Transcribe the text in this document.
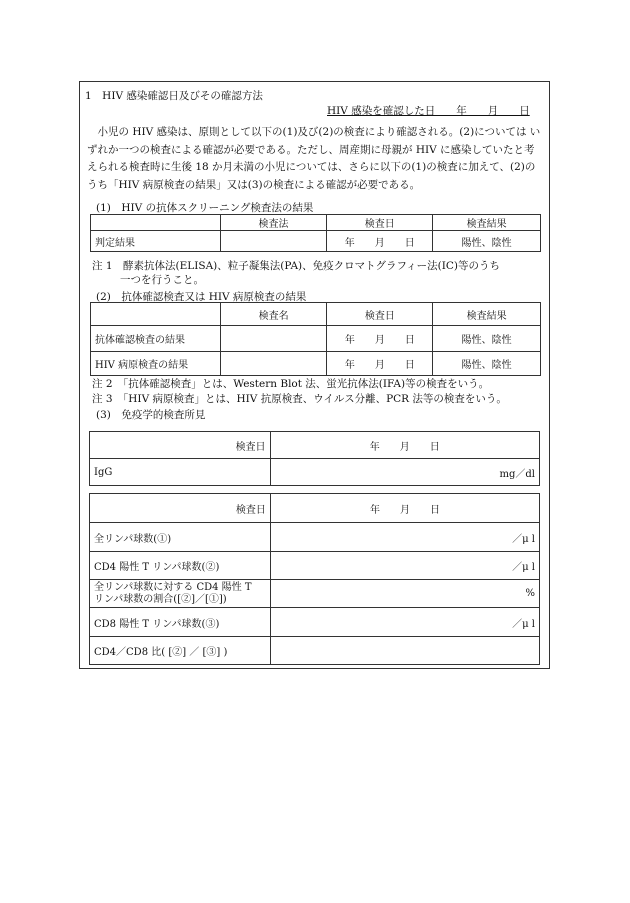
1　HIV 感染確認日及びその確認方法
HIV 感染を確認した日　　年　　月　　日
小児の HIV 感染は、原則として以下の(1)及び(2)の検査により確認される。(2)については いずれか一つの検査による確認が必要である。ただし、周産期に母親が HIV に感染していたと考えられる検査時に生後 18 か月未満の小児については、さらに以下の(1)の検査に加えて、(2)のうち「HIV 病原検査の結果」又は(3)の検査による確認が必要である。
(1)　HIV の抗体スクリーニング検査法の結果
	検査法	検査日	検査結果
判定結果		年　　月　　日	陽性、陰性
注 1　酵素抗体法(ELISA)、粒子凝集法(PA)、免疫クロマトグラフィー法(IC)等のうち
一つを行うこと。
(2)　抗体確認検査又は HIV 病原検査の結果
	検査名	検査日	検査結果
抗体確認検査の結果		年　　月　　日	陽性、陰性
HIV 病原検査の結果		年　　月　　日	陽性、陰性
注 2　「抗体確認検査」とは、Western Blot 法、蛍光抗体法(IFA)等の検査をいう。
注 3　「HIV 病原検査」とは、HIV 抗原検査、ウイルス分離、PCR 法等の検査をいう。
(3)　免疫学的検査所見
検査日	年　　月　　日
IgG	mg／dl
検査日	年　　月　　日
全リンパ球数(①)	／μ l
CD4 陽性 T リンパ球数(②)	／μ l

全リンパ球数に対する CD4 陽性 T
リンパ球数の割合([②]／[①])	%
CD8 陽性 T リンパ球数(③)	／μ l
CD4／CD8 比( [②] ／ [③] )	
